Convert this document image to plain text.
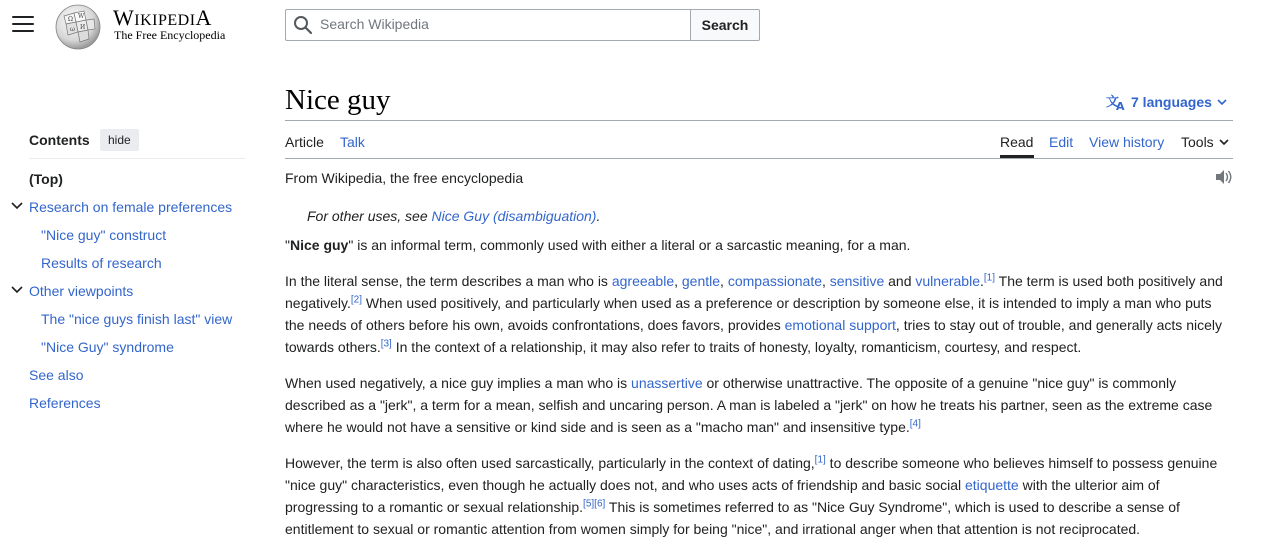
Ω W
И
ω WIKIPEDIA
The Free Encyclopedia
Search Wikipedia
Search
Nice guy	文
A 7 languages
Article Talk	Read Edit View history Tools
Contents	hide
(Top)
Research on female preferences
"Nice guy" construct
Results of research
Other viewpoints
The "nice guys finish last" view
"Nice Guy" syndrome
See also
References
From Wikipedia, the free encyclopedia
For other uses, see Nice Guy (disambiguation).

"Nice guy" is an informal term, commonly used with either a literal or a sarcastic meaning, for a man.

In the literal sense, the term describes a man who is agreeable, gentle, compassionate, sensitive and vulnerable.[1] The term is used both positively and negatively.[2] When used positively, and particularly when used as a preference or description by someone else, it is intended to imply a man who puts the needs of others before his own, avoids confrontations, does favors, provides emotional support, tries to stay out of trouble, and generally acts nicely towards others.[3] In the context of a relationship, it may also refer to traits of honesty, loyalty, romanticism, courtesy, and respect.

When used negatively, a nice guy implies a man who is unassertive or otherwise unattractive. The opposite of a genuine "nice guy" is commonly described as a "jerk", a term for a mean, selfish and uncaring person. A man is labeled a "jerk" on how he treats his partner, seen as the extreme case where he would not have a sensitive or kind side and is seen as a "macho man" and insensitive type.[4]

However, the term is also often used sarcastically, particularly in the context of dating,[1] to describe someone who believes himself to possess genuine "nice guy" characteristics, even though he actually does not, and who uses acts of friendship and basic social etiquette with the ulterior aim of progressing to a romantic or sexual relationship.[5][6] This is sometimes referred to as "Nice Guy Syndrome", which is used to describe a sense of entitlement to sexual or romantic attention from women simply for being "nice", and irrational anger when that attention is not reciprocated.
